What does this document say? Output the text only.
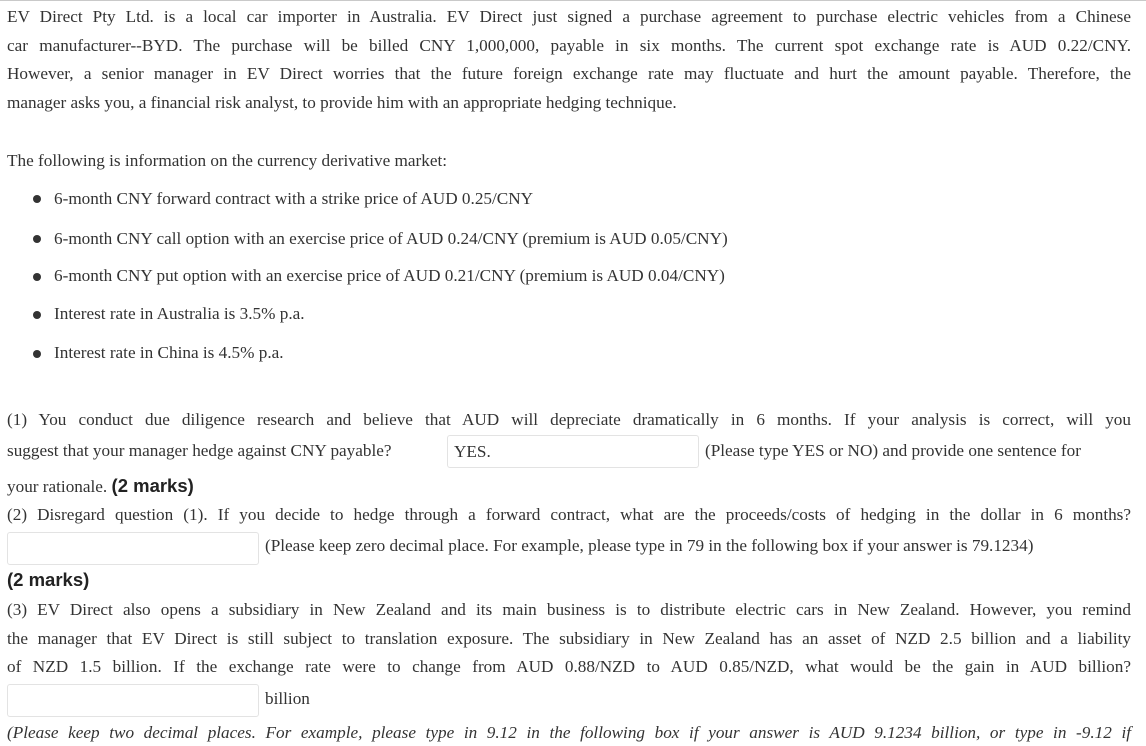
EV Direct Pty Ltd. is a local car importer in Australia. EV Direct just signed a purchase agreement to purchase electric vehicles from a Chinese
car manufacturer--BYD. The purchase will be billed CNY 1,000,000, payable in six months. The current spot exchange rate is AUD 0.22/CNY.
However, a senior manager in EV Direct worries that the future foreign exchange rate may fluctuate and hurt the amount payable. Therefore, the
manager asks you, a financial risk analyst, to provide him with an appropriate hedging technique.
The following is information on the currency derivative market:
6-month CNY forward contract with a strike price of AUD 0.25/CNY
6-month CNY call option with an exercise price of AUD 0.24/CNY (premium is AUD 0.05/CNY)
6-month CNY put option with an exercise price of AUD 0.21/CNY (premium is AUD 0.04/CNY)
Interest rate in Australia is 3.5% p.a.
Interest rate in China is 4.5% p.a.
(1) You conduct due diligence research and believe that AUD will depreciate dramatically in 6 months. If your analysis is correct, will you
suggest that your manager hedge against CNY payable?
YES.	(Please type YES or NO) and provide one sentence for
your rationale. (2 marks)
(2) Disregard question (1). If you decide to hedge through a forward contract, what are the proceeds/costs of hedging in the dollar in 6 months?
(Please keep zero decimal place. For example, please type in 79 in the following box if your answer is 79.1234)
(2 marks)
(3) EV Direct also opens a subsidiary in New Zealand and its main business is to distribute electric cars in New Zealand. However, you remind
the manager that EV Direct is still subject to translation exposure. The subsidiary in New Zealand has an asset of NZD 2.5 billion and a liability
of NZD 1.5 billion. If the exchange rate were to change from AUD 0.88/NZD to AUD 0.85/NZD, what would be the gain in AUD billion?
billion
(Please keep two decimal places. For example, please type in 9.12 in the following box if your answer is AUD 9.1234 billion, or type in -9.12 if
